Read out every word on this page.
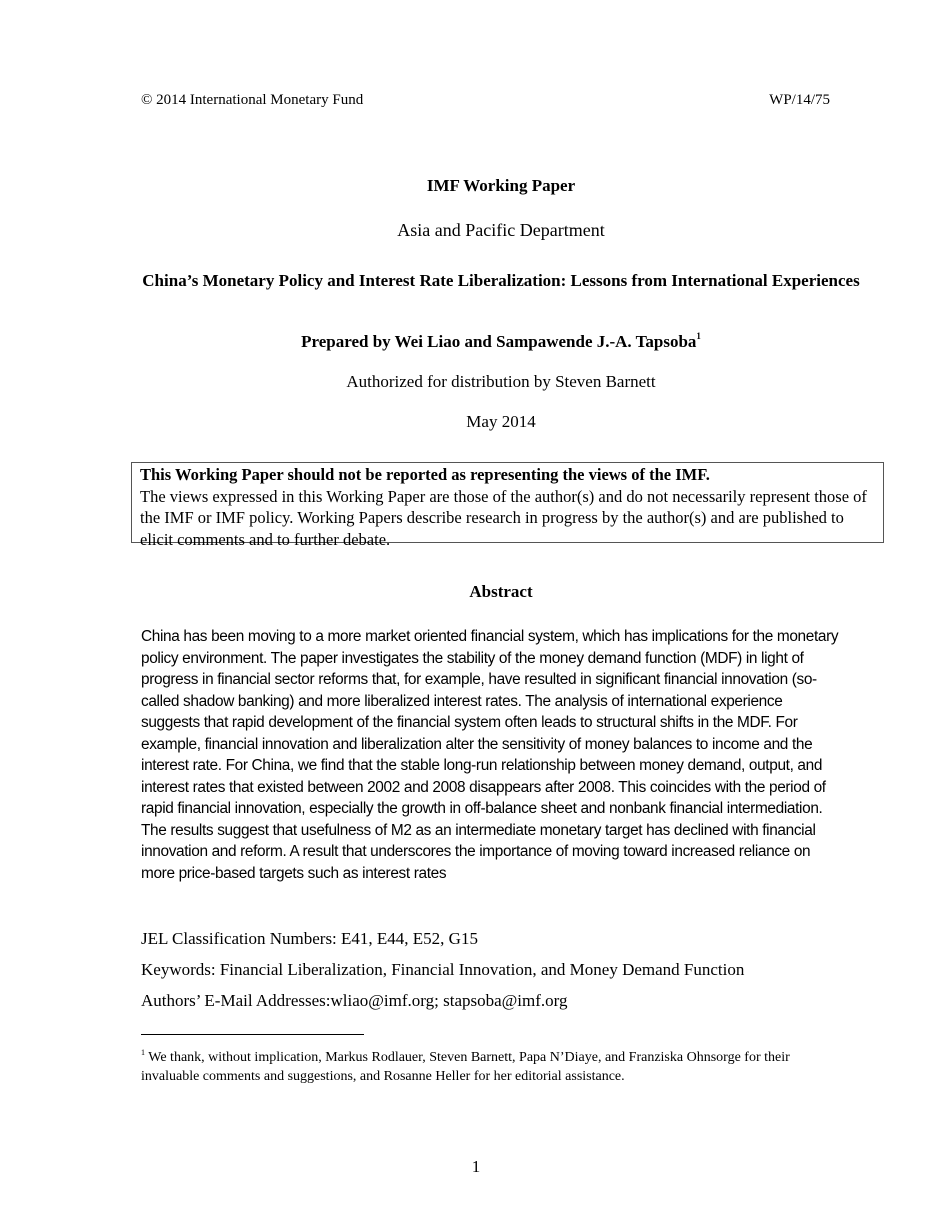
© 2014 International Monetary Fund	WP/14/75

IMF Working Paper

Asia and Pacific Department

China’s Monetary Policy and Interest Rate Liberalization: Lessons from International Experiences

Prepared by Wei Liao and Sampawende J.-A. Tapsoba$^1$

Authorized for distribution by Steven Barnett

May 2014

This Working Paper should not be reported as representing the views of the IMF.
The views expressed in this Working Paper are those of the author(s) and do not necessarily represent those of the IMF or IMF policy. Working Papers describe research in progress by the author(s) and are published to elicit comments and to further debate.

Abstract

China has been moving to a more market oriented financial system, which has implications for the monetary policy environment. The paper investigates the stability of the money demand function (MDF) in light of progress in financial sector reforms that, for example, have resulted in significant financial innovation (so-called shadow banking) and more liberalized interest rates. The analysis of international experience suggests that rapid development of the financial system often leads to structural shifts in the MDF. For example, financial innovation and liberalization alter the sensitivity of money balances to income and the interest rate. For China, we find that the stable long-run relationship between money demand, output, and interest rates that existed between 2002 and 2008 disappears after 2008. This coincides with the period of rapid financial innovation, especially the growth in off-balance sheet and nonbank financial intermediation. The results suggest that usefulness of M2 as an intermediate monetary target has declined with financial innovation and reform. A result that underscores the importance of moving toward increased reliance on more price-based targets such as interest rates

JEL Classification Numbers: E41, E44, E52, G15

Keywords: Financial Liberalization, Financial Innovation, and Money Demand Function

Authors’ E-Mail Addresses:wliao@imf.org; stapsoba@imf.org

$^1$ We thank, without implication, Markus Rodlauer, Steven Barnett, Papa N’Diaye, and Franziska Ohnsorge for their invaluable comments and suggestions, and Rosanne Heller for her editorial assistance.

1
